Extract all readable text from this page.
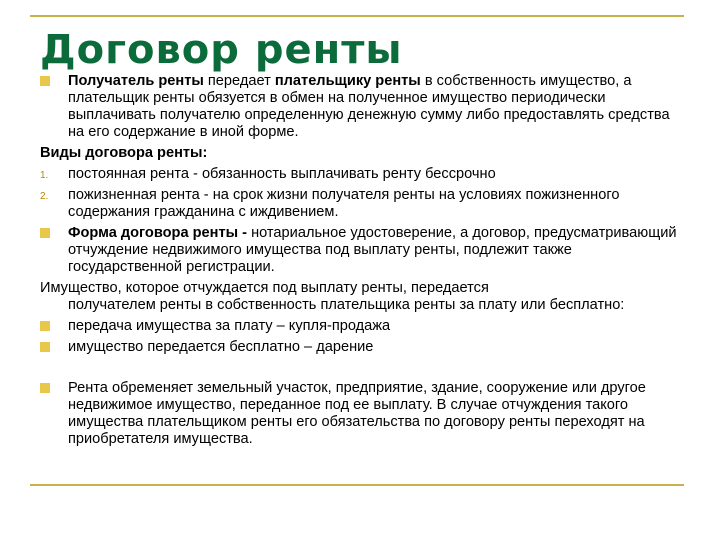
Договор ренты
Получатель ренты передает плательщику ренты в собственность имущество, а плательщик ренты обязуется в обмен на полученное имущество периодически выплачивать получателю определенную денежную сумму либо предоставлять средства на его содержание в иной форме.
Виды договора ренты:
1.	постоянная рента - обязанность выплачивать ренту бессрочно
2.	пожизненная рента - на срок жизни получателя ренты на условиях пожизненного содержания гражданина с иждивением.
Форма договора ренты - нотариальное удостоверение, а договор, предусматривающий отчуждение недвижимого имущества под выплату ренты, подлежит также государственной регистрации.
Имущество, которое отчуждается под выплату ренты, передается
получателем ренты в собственность плательщика ренты за плату или бесплатно:
передача имущества за плату – купля-продажа
имущество передается бесплатно – дарение
Рента обременяет земельный участок, предприятие, здание, сооружение или другое недвижимое имущество, переданное под ее выплату. В случае отчуждения такого имущества плательщиком ренты его обязательства по договору ренты переходят на приобретателя имущества.
